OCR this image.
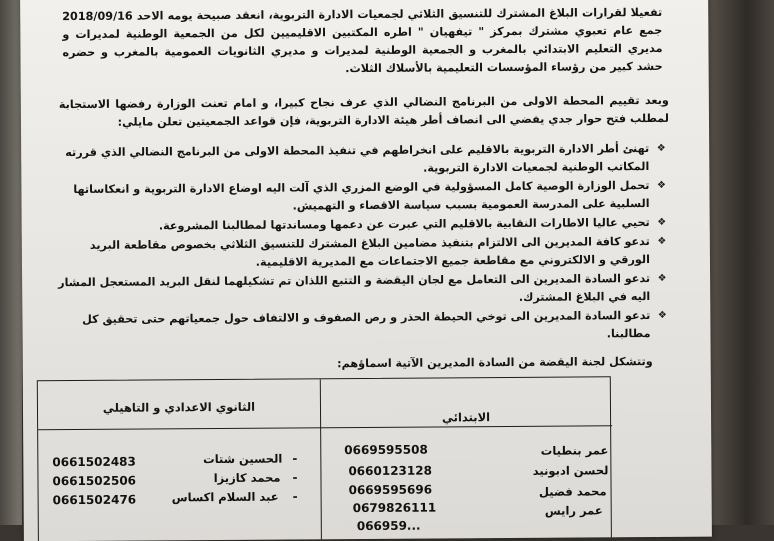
تفعيلا لقرارات البلاغ المشترك للتنسيق الثلاثي لجمعيات الادارة التربوية، انعقد صبيحة يومه الاحد 2018/09/16 جمع عام تعبوي مشترك بمركز " تيفهيان " اطره المكتبين الاقليميين لكل من الجمعية الوطنية لمديرات و مديري التعليم الابتدائي بالمغرب و الجمعية الوطنية لمديرات و مديري الثانويات العمومية بالمغرب و حضره حشد كبير من رؤساء المؤسسات التعليمية بالأسلاك الثلاث.
وبعد تقييم المحطة الاولى من البرنامج النضالي الذي عرف نجاح كبيرا، و امام تعنت الوزارة رفضها الاستجابة لمطلب فتح حوار جدي يفضي الى انصاف أطر هيئة الادارة التربوية، فإن قواعد الجمعيتين تعلن مايلي:
❖
تهنئ أطر الادارة التربوية بالاقليم على انخراطهم في تنفيذ المحطة الاولى من البرنامج النضالي الذي قررته المكاتب الوطنية لجمعيات الادارة التربوية.
❖
تحمل الوزارة الوصية كامل المسؤولية في الوضع المزري الذي آلت اليه اوضاع الادارة التربوية و انعكاساتها السلبية على المدرسة العمومية بسبب سياسة الاقصاء و التهميش.
❖
تحيي عاليا الاطارات النقابية بالاقليم التي عبرت عن دعمها ومساندتها لمطالبنا المشروعة.
❖
تدعو كافة المديرين الى الالتزام بتنفيذ مضامين البلاغ المشترك للتنسيق الثلاثي بخصوص مقاطعة البريد الورقي و الالكتروني مع مقاطعة جميع الاجتماعات مع المديرية الاقليمية.
❖
تدعو السادة المديرين الى التعامل مع لجان اليقضة و التتبع اللذان تم تشكيلهما لنقل البريد المستعجل المشار اليه في البلاغ المشترك.
❖
تدعو السادة المديرين الى توخي الحيطة الحذر و رص الصفوف و الالتفاف حول جمعياتهم حتى تحقيق كل مطالبنا.
وتتشكل لجنة اليقضة من السادة المديرين الآتية اسماؤهم:
الثانوي الاعدادي و التاهيلي
الابتدائي
عمر بنطيات
0669595508
لحسن ادبونيد
0660123128
محمد فضيل
0669595696
عمر رايس
0679826111
066959...
الحسين شتات -
0661502483
محمد كازيزا -
0661502506
عبد السلام اكساس -
0661502476
